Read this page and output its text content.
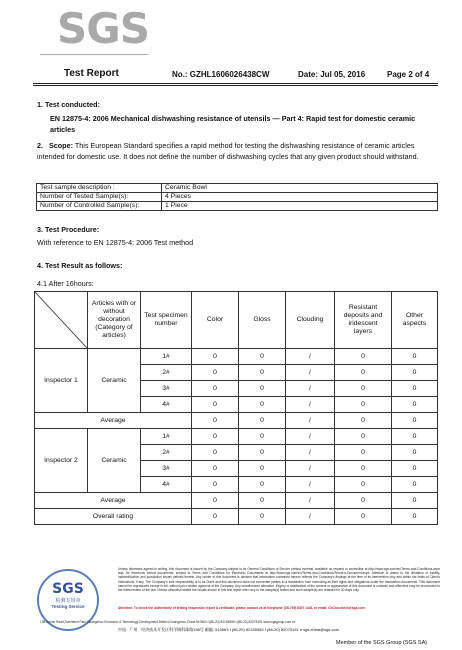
SGS
Test Report	No.: GZHL1606026438CW	Date: Jul 05, 2016	Page 2 of 4
1. Test conducted:
EN 12875-4: 2006 Mechanical dishwashing resistance of utensils — Part 4: Rapid test for domestic ceramic articles
2. Scope: This European Standard specifies a rapid method for testing the dishwashing resistance of ceramic articles intended for domestic use. It does not define the number of dishwashing cycles that any given product should withstand.
Test sample description :	Ceramic Bowl
Number of Tested Sample(s):	4 Pieces
Number of Controlled Sample(s):	1 Piece
3. Test Procedure:
With reference to EN 12875-4: 2006 Test method
4. Test Result as follows:
4.1 After 16hours:
	Articles with or without decoration (Category of articles)	Test specimen number	Color	Gloss	Clouding	Resistant deposits and iridescent layers	Other aspects
Inspector 1	Ceramic	1#	0	0	/	0	0
		2#	0	0	/	0	0
		3#	0	0	/	0	0
		4#	0	0	/	0	0
Average			0	0	/	0	0
Inspector 2	Ceramic	1#	0	0	/	0	0
		2#	0	0	/	0	0
		3#	0	0	/	0	0
		4#	0	0	/	0	0
Average			0	0	/	0	0
Overall rating			0	0	/	0	0
SGS
检测专用章
Testing Service
Unless otherwise agreed in writing, this document is issued by the Company subject to its General Conditions of Service printed overleaf, available on request or accessible at http://www.sgs.com/en/Terms-and-Conditions.aspx and, for electronic format documents, subject to Terms and Conditions for Electronic Documents at http://www.sgs.com/en/Terms-and-Conditions/Terms-e-Document.aspx. Attention is drawn to the limitation of liability, indemnification and jurisdiction issues defined therein. Any holder of this document is advised that information contained hereon reflects the Company's findings at the time of its intervention only and within the limits of Client's instructions, if any. The Company's sole responsibility is to its Client and this document does not exonerate parties to a transaction from exercising all their rights and obligations under the transaction documents. This document cannot be reproduced except in full, without prior written approval of the Company. Any unauthorized alteration, forgery or falsification of the content or appearance of this document is unlawful and offenders may be prosecuted to the fullest extent of the law. Unless otherwise stated the results shown in this test report refer only to the sample(s) tested and such sample(s) are retained for 30 days only.
Attention: To check the authenticity of testing /inspection report & certificate, please contact us at telephone: (86-755) 8307 1443, or email: CN.Doccheck@sgs.com
198 Kezhu Road,Scientech Park Guangzhou Economic & Technology Development District,Guangzhou,China 510663 t (86-20) 82155555 f (86-20) 82075191 www.sgsgroup.com.cn
中国 · 广州 · 经济技术开发区科学城科珠路198号 邮编: 510663 t (86-20) 82155555 f (86-20) 82075191 e sgs.china@sgs.com
Member of the SGS Group (SGS SA)
